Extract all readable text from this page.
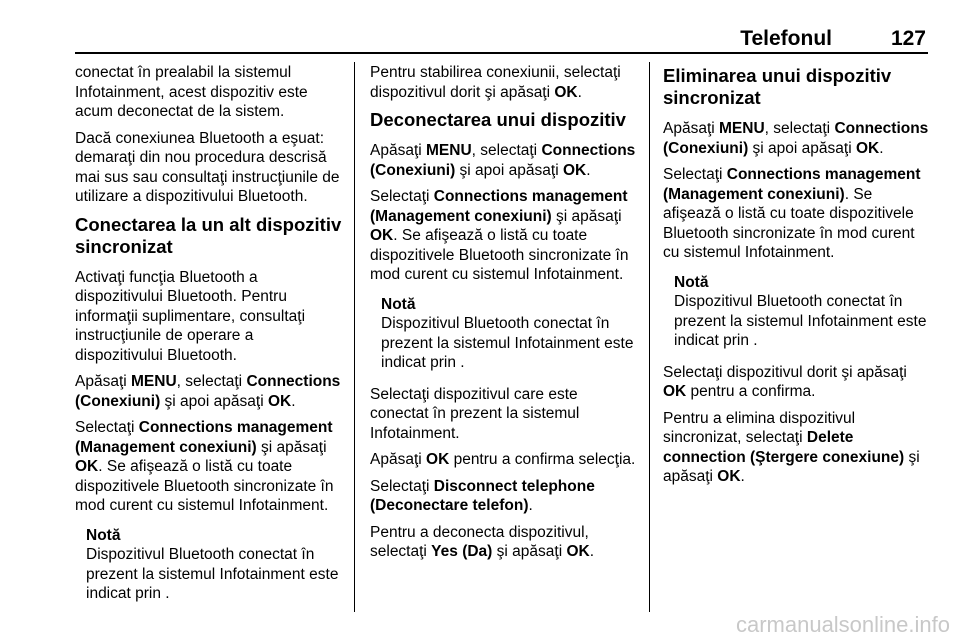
Telefonul	127

conectat în prealabil la sistemul Infotainment, acest dispozitiv este acum deconectat de la sistem.

Dacă conexiunea Bluetooth a eşuat: demaraţi din nou procedura descrisă mai sus sau consultaţi instrucţiunile de utilizare a dispozitivului Bluetooth.

Conectarea la un alt dispozitiv sincronizat

Activaţi funcţia Bluetooth a dispozitivului Bluetooth. Pentru informaţii suplimentare, consultaţi instrucţiunile de operare a dispozitivului Bluetooth.

Apăsaţi MENU, selectaţi Connections (Conexiuni) şi apoi apăsaţi OK.

Selectaţi Connections management (Management conexiuni) şi apăsaţi OK. Se afişează o listă cu toate dispozitivele Bluetooth sincronizate în mod curent cu sistemul Infotainment.

Notă
Dispozitivul Bluetooth conectat în prezent la sistemul Infotainment este indicat prin .

Pentru stabilirea conexiunii, selectaţi dispozitivul dorit şi apăsaţi OK.

Deconectarea unui dispozitiv

Apăsaţi MENU, selectaţi Connections (Conexiuni) şi apoi apăsaţi OK.

Selectaţi Connections management (Management conexiuni) şi apăsaţi OK. Se afişează o listă cu toate dispozitivele Bluetooth sincronizate în mod curent cu sistemul Infotainment.

Notă
Dispozitivul Bluetooth conectat în prezent la sistemul Infotainment este indicat prin .

Selectaţi dispozitivul care este conectat în prezent la sistemul Infotainment.

Apăsaţi OK pentru a confirma selecţia.

Selectaţi Disconnect telephone (Deconectare telefon).

Pentru a deconecta dispozitivul, selectaţi Yes (Da) şi apăsaţi OK.

Eliminarea unui dispozitiv sincronizat

Apăsaţi MENU, selectaţi Connections (Conexiuni) şi apoi apăsaţi OK.

Selectaţi Connections management (Management conexiuni). Se afişează o listă cu toate dispozitivele Bluetooth sincronizate în mod curent cu sistemul Infotainment.

Notă
Dispozitivul Bluetooth conectat în prezent la sistemul Infotainment este indicat prin .

Selectaţi dispozitivul dorit şi apăsaţi OK pentru a confirma.

Pentru a elimina dispozitivul sincronizat, selectaţi Delete connection (Ştergere conexiune) şi apăsaţi OK.

carmanualsonline.info
